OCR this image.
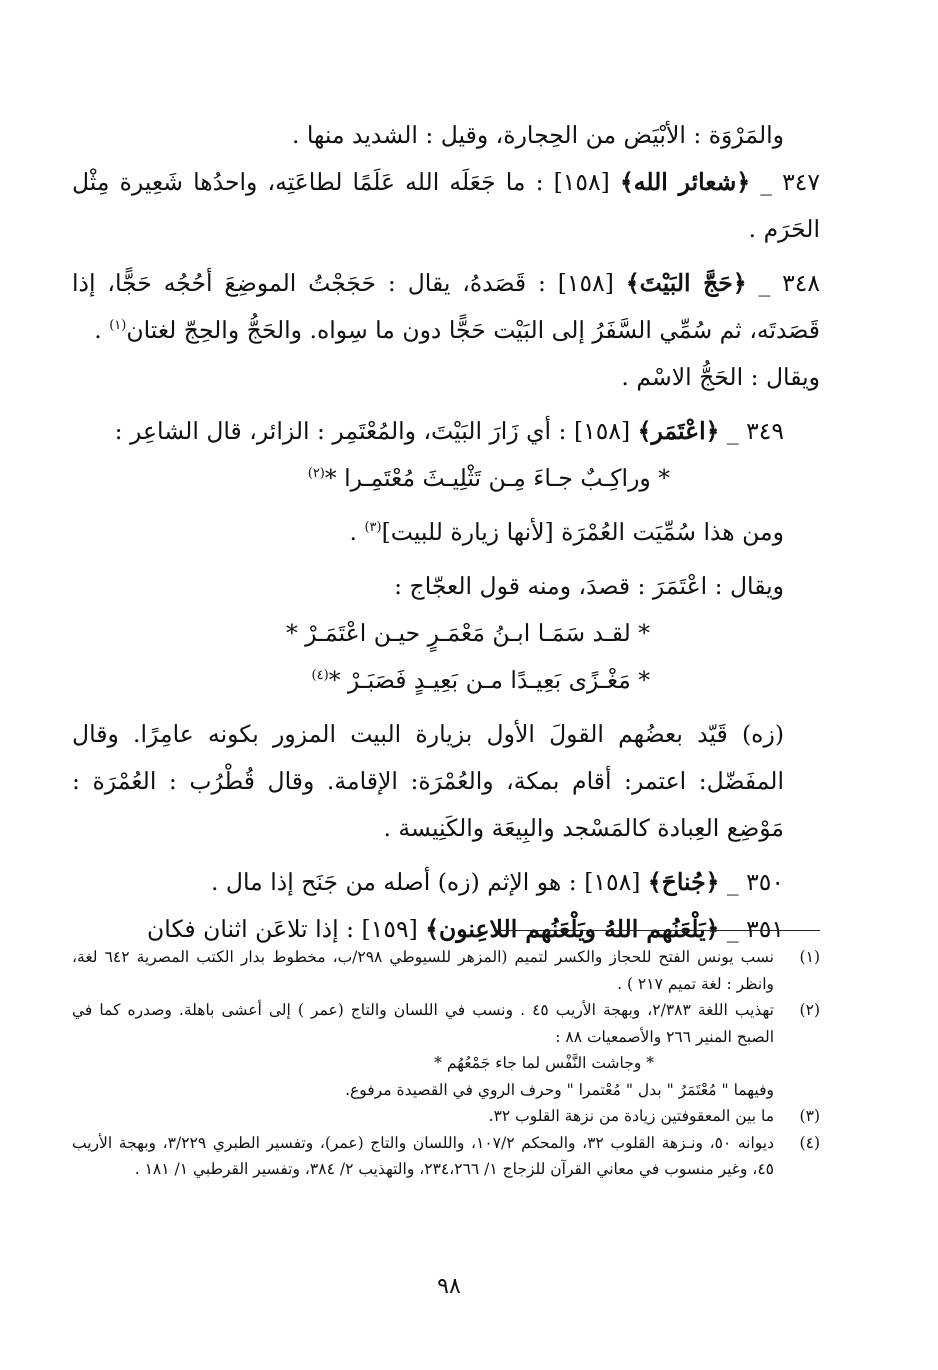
والمَرْوَة : الأبْيَض من الحِجارة، وقيل : الشديد منها .

٣٤٧ _ ﴿شعائر الله﴾ [١٥٨] : ما جَعَلَه الله عَلَمًا لطاعَتِه، واحدُها شَعِيرة مِثْل الحَرَم .

٣٤٨ _ ﴿حَجَّ البَيْتَ﴾ [١٥٨] : قَصَدهُ، يقال : حَجَجْتُ الموضِعَ أحُجُه حَجًّا، إذا قَصَدتَه، ثم سُمِّي السَّفَرُ إلى البَيْت حَجًّا دون ما سِواه. والحَجُّ والحِجّ لغتان$^{(١)}$ .

ويقال : الحَجُّ الاسْم .

٣٤٩ _ ﴿اعْتَمَر﴾ [١٥٨] : أي زَارَ البَيْتَ، والمُعْتَمِر : الزائر، قال الشاعِر :

* وراكِـبٌ جـاءَ مِـن تَثْلِيـثَ مُعْتَمِـرا *$^{(٢)}$

ومن هذا سُمِّيَت العُمْرَة [لأنها زيارة للبيت]$^{(٣)}$ .

ويقال : اعْتَمَرَ : قصدَ، ومنه قول العجّاج :

* لقـد سَمَـا ابـنُ مَعْمَـرٍ حيـن اعْتَمَـرْ *

* مَغْـزًى بَعِيـدًا مـن بَعِيـدٍ فَصَبَـرْ *$^{(٤)}$

(زه) قَيّد بعضُهم القولَ الأول بزيارة البيت المزور بكونه عامِرًا. وقال المفَضّل: اعتمر: أقام بمكة، والعُمْرَة: الإقامة. وقال قُطْرُب : العُمْرَة : مَوْضِع العِبادة كالمَسْجد والبِيعَة والكَنِيسة .

٣٥٠ _ ﴿جُناحَ﴾ [١٥٨] : هو الإثم (زه) أصله من جَنَح إذا مال .

٣٥١ _ ﴿يَلْعَنُهم اللهُ ويَلْعَنُهم اللاعِنون﴾ [١٥٩] : إذا تلاعَن اثنان فكان

(١)
نسب يونس الفتح للحجاز والكسر لتميم (المزهر للسيوطي ٢٩٨/ب، مخطوط بدار الكتب المصرية ٦٤٢ لغة، وانظر : لغة تميم ٢١٧ ) .
(٢)
تهذيب اللغة ٢/٣٨٣، وبهجة الأريب ٤٥ . ونسب في اللسان والتاج (عمر ) إلى أعشى باهلة. وصدره كما في الصبح المنير ٢٦٦ والأصمعيات ٨٨ :
* وجاشت النَّفْس لما جاء جَمْعُهُم *
وفيهما " مُعْتَمَرُ " بدل " مُعْتمرا " وحرف الروي في القصيدة مرفوع.
(٣)
ما بين المعقوفتين زيادة من نزهة القلوب ٣٢.
(٤)
ديوانه ٥٠، ونـزهة القلوب ٣٢، والمحكم ١٠٧/٢، واللسان والتاج (عمر)، وتفسير الطبري ٣/٢٢٩، وبهجة الأريب ٤٥، وغير منسوب في معاني القرآن للزجاج ١/ ٢٣٤،٢٦٦، والتهذيب ٢/ ٣٨٤، وتفسير القرطبي ١/ ١٨١ .
٩٨
